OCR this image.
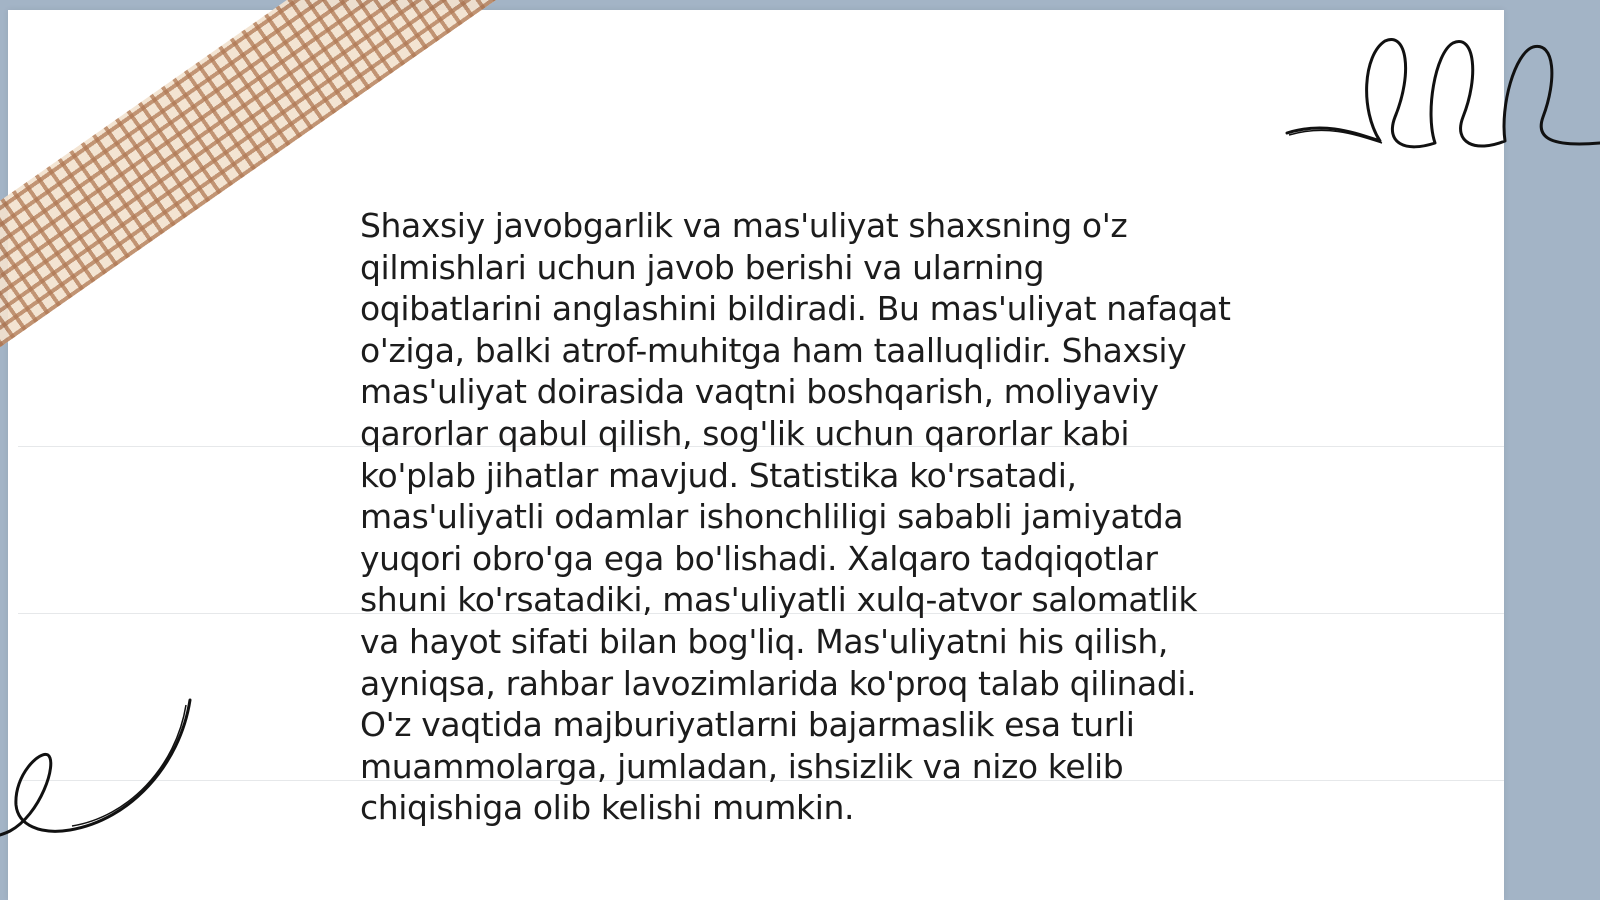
Shaxsiy javobgarlik va mas'uliyat shaxsning o'z
qilmishlari uchun javob berishi va ularning
oqibatlarini anglashini bildiradi. Bu mas'uliyat nafaqat
o'ziga, balki atrof-muhitga ham taalluqlidir. Shaxsiy
mas'uliyat doirasida vaqtni boshqarish, moliyaviy
qarorlar qabul qilish, sog'lik uchun qarorlar kabi
ko'plab jihatlar mavjud. Statistika ko'rsatadi,
mas'uliyatli odamlar ishonchliligi sababli jamiyatda
yuqori obro'ga ega bo'lishadi. Xalqaro tadqiqotlar
shuni ko'rsatadiki, mas'uliyatli xulq-atvor salomatlik
va hayot sifati bilan bog'liq. Mas'uliyatni his qilish,
ayniqsa, rahbar lavozimlarida ko'proq talab qilinadi.
O'z vaqtida majburiyatlarni bajarmaslik esa turli
muammolarga, jumladan, ishsizlik va nizo kelib
chiqishiga olib kelishi mumkin.
